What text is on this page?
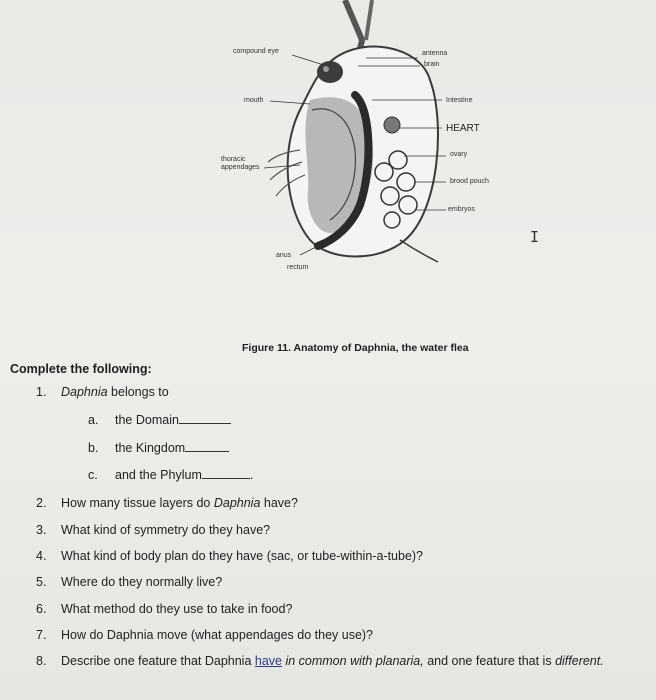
compound eye
mouth
thoracic
appendages
anus
rectum
antenna
brain
Intestine
HEART
ovary
brood pouch
embryos
I
Figure 11. Anatomy of Daphnia, the water flea
Complete the following:
1. Daphnia belongs to
a. the Domain
b. the Kingdom
c. and the Phylum	.
2. How many tissue layers do Daphnia have?
3. What kind of symmetry do they have?
4. What kind of body plan do they have (sac, or tube-within-a-tube)?
5. Where do they normally live?
6. What method do they use to take in food?
7. How do Daphnia move (what appendages do they use)?
8. Describe one feature that Daphnia have in common with planaria, and one feature that is different.
